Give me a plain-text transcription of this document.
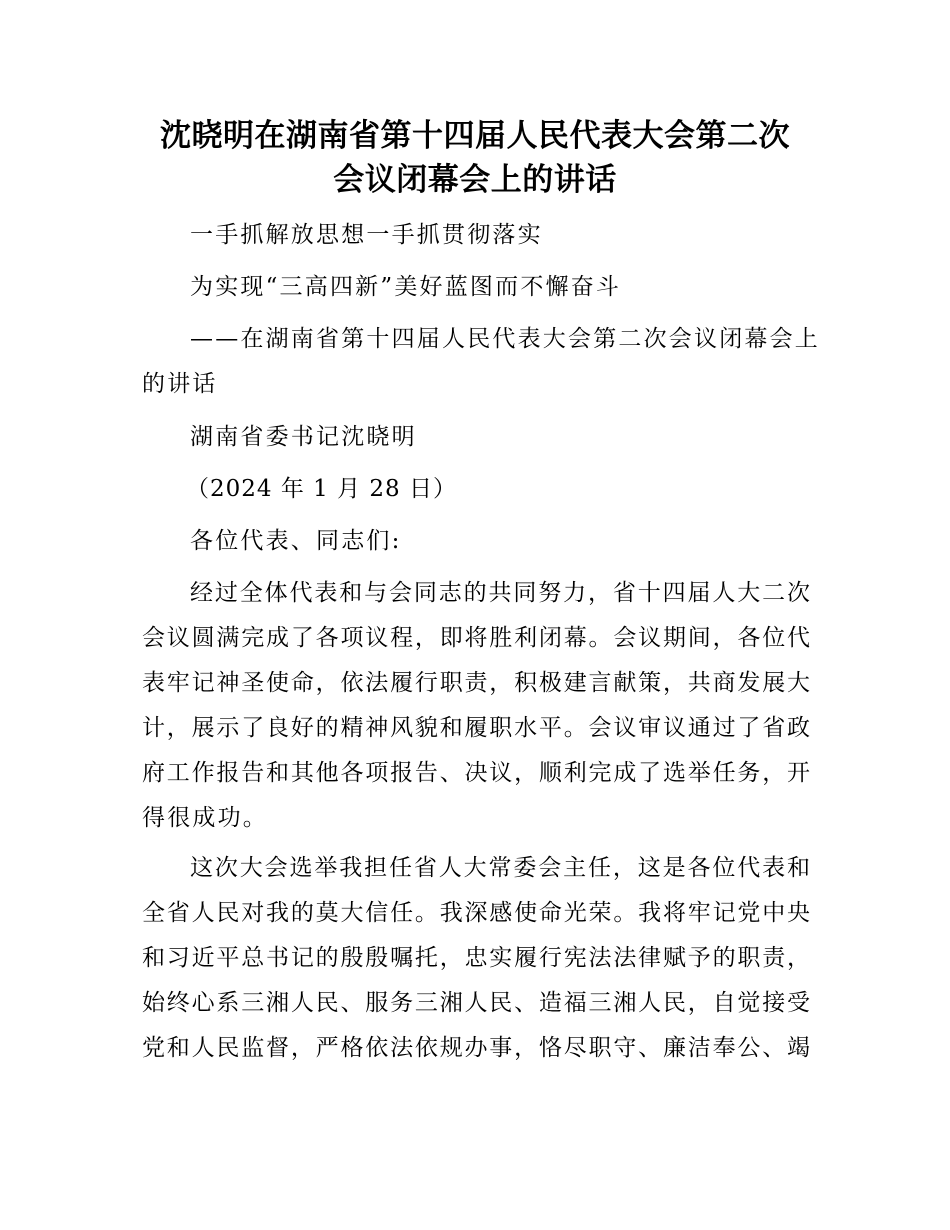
沈晓明在湖南省第十四届人民代表大会第二次
会议闭幕会上的讲话
一手抓解放思想一手抓贯彻落实
为实现“三高四新”美好蓝图而不懈奋斗
——在湖南省第十四届人民代表大会第二次会议闭幕会上
的讲话
湖南省委书记沈晓明
（2024 年 1 月 28 日）
各位代表、同志们:
经过全体代表和与会同志的共同努力，省十四届人大二次
会议圆满完成了各项议程，即将胜利闭幕。会议期间，各位代
表牢记神圣使命，依法履行职责，积极建言献策，共商发展大
计，展示了良好的精神风貌和履职水平。会议审议通过了省政
府工作报告和其他各项报告、决议，顺利完成了选举任务，开
得很成功。
这次大会选举我担任省人大常委会主任，这是各位代表和
全省人民对我的莫大信任。我深感使命光荣。我将牢记党中央
和习近平总书记的殷殷嘱托，忠实履行宪法法律赋予的职责，
始终心系三湘人民、服务三湘人民、造福三湘人民，自觉接受
党和人民监督，严格依法依规办事，恪尽职守、廉洁奉公、竭
